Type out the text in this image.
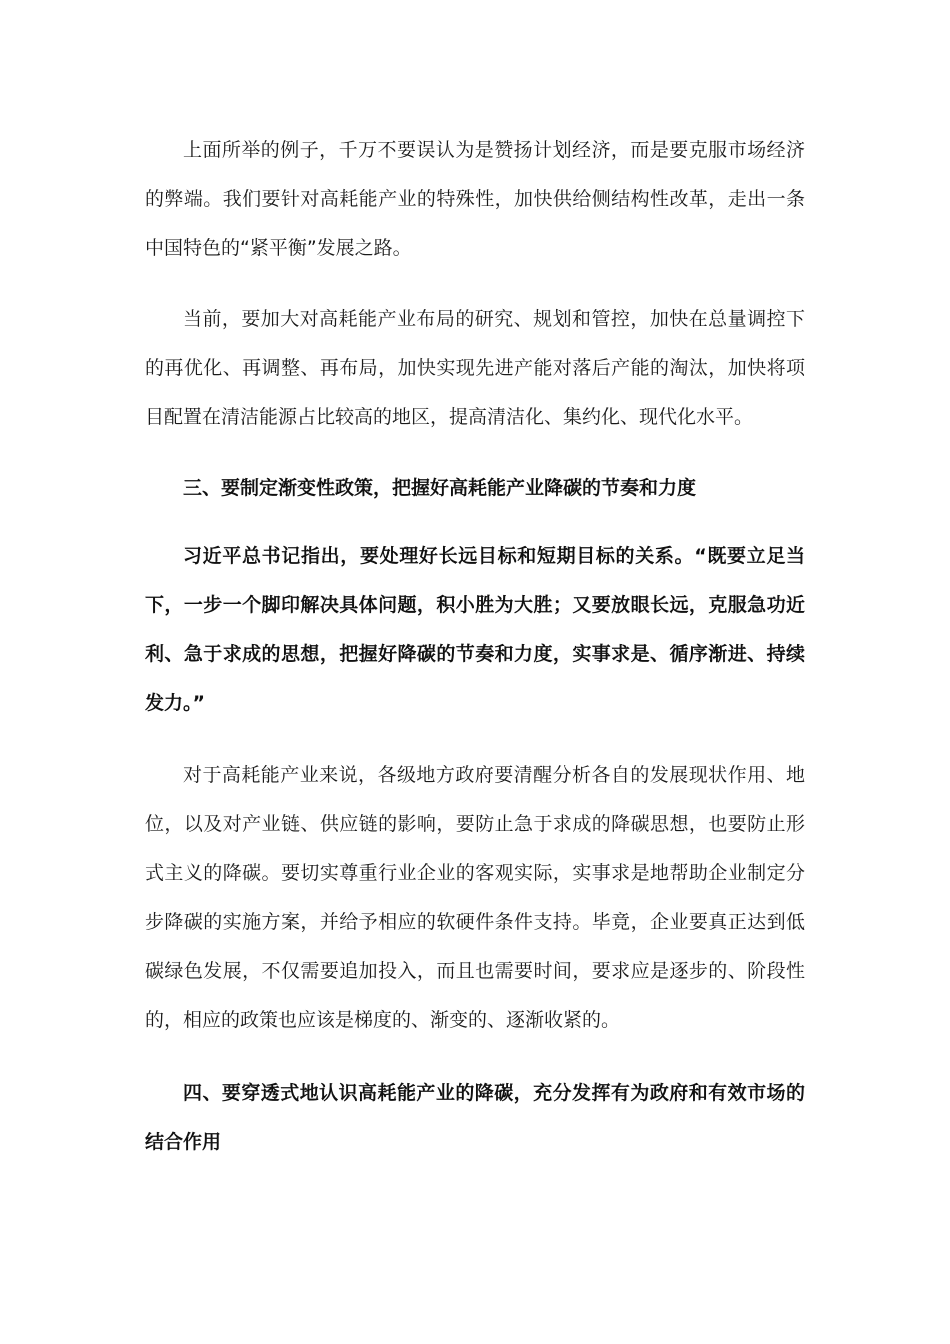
上面所举的例子，千万不要误认为是赞扬计划经济，而是要克服市场经济的弊端。我们要针对高耗能产业的特殊性，加快供给侧结构性改革，走出一条中国特色的“紧平衡”发展之路。

当前，要加大对高耗能产业布局的研究、规划和管控，加快在总量调控下的再优化、再调整、再布局，加快实现先进产能对落后产能的淘汰，加快将项目配置在清洁能源占比较高的地区，提高清洁化、集约化、现代化水平。

三、要制定渐变性政策，把握好高耗能产业降碳的节奏和力度

习近平总书记指出，要处理好长远目标和短期目标的关系。“既要立足当下，一步一个脚印解决具体问题，积小胜为大胜；又要放眼长远，克服急功近利、急于求成的思想，把握好降碳的节奏和力度，实事求是、循序渐进、持续发力。”

对于高耗能产业来说，各级地方政府要清醒分析各自的发展现状作用、地位，以及对产业链、供应链的影响，要防止急于求成的降碳思想，也要防止形式主义的降碳。要切实尊重行业企业的客观实际，实事求是地帮助企业制定分步降碳的实施方案，并给予相应的软硬件条件支持。毕竟，企业要真正达到低碳绿色发展，不仅需要追加投入，而且也需要时间，要求应是逐步的、阶段性的，相应的政策也应该是梯度的、渐变的、逐渐收紧的。

四、要穿透式地认识高耗能产业的降碳，充分发挥有为政府和有效市场的结合作用
